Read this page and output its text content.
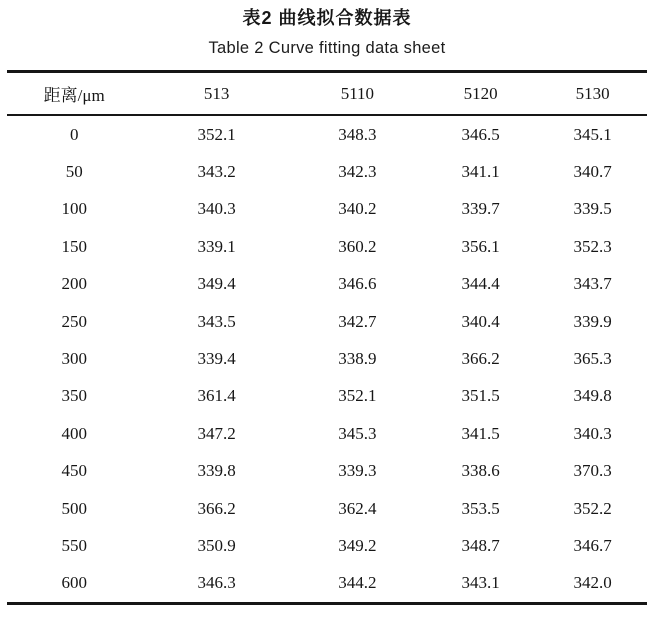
表2 曲线拟合数据表
Table 2 Curve fitting data sheet
距离/μm	513	5110	5120	5130
0	352.1	348.3	346.5	345.1
50	343.2	342.3	341.1	340.7
100	340.3	340.2	339.7	339.5
150	339.1	360.2	356.1	352.3
200	349.4	346.6	344.4	343.7
250	343.5	342.7	340.4	339.9
300	339.4	338.9	366.2	365.3
350	361.4	352.1	351.5	349.8
400	347.2	345.3	341.5	340.3
450	339.8	339.3	338.6	370.3
500	366.2	362.4	353.5	352.2
550	350.9	349.2	348.7	346.7
600	346.3	344.2	343.1	342.0
